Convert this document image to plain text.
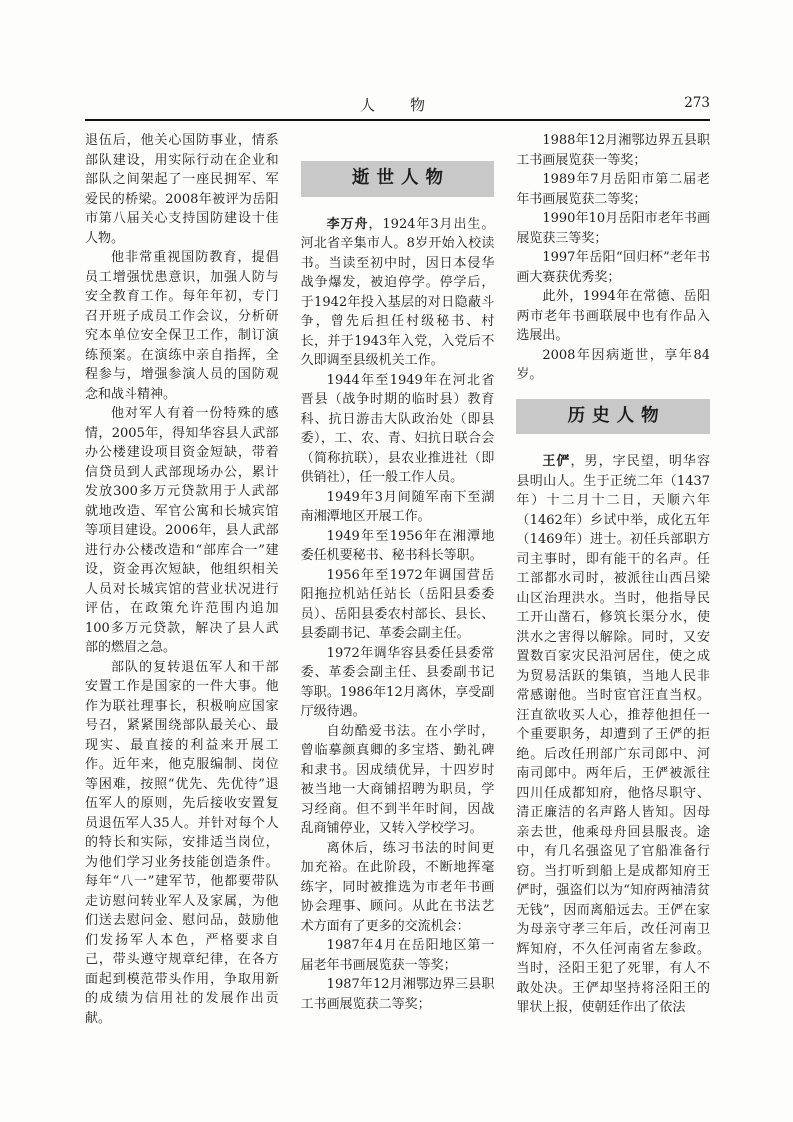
人　物	273

退伍后，他关心国防事业，情系部队建设，用实际行动在企业和部队之间架起了一座民拥军、军爱民的桥梁。2008年被评为岳阳市第八届关心支持国防建设十佳人物。

他非常重视国防教育，提倡员工增强忧患意识，加强人防与安全教育工作。每年年初，专门召开班子成员工作会议，分析研究本单位安全保卫工作，制订演练预案。在演练中亲自指挥，全程参与，增强参演人员的国防观念和战斗精神。

他对军人有着一份特殊的感情，2005年，得知华容县人武部办公楼建设项目资金短缺，带着信贷员到人武部现场办公，累计发放300多万元贷款用于人武部就地改造、军官公寓和长城宾馆等项目建设。2006年，县人武部进行办公楼改造和“部库合一”建设，资金再次短缺，他组织相关人员对长城宾馆的营业状况进行评估，在政策允许范围内追加100多万元贷款，解决了县人武部的燃眉之急。

部队的复转退伍军人和干部安置工作是国家的一件大事。他作为联社理事长，积极响应国家号召，紧紧围绕部队最关心、最现实、最直接的利益来开展工作。近年来，他克服编制、岗位等困难，按照“优先、先优待”退伍军人的原则，先后接收安置复员退伍军人35人。并针对每个人的特长和实际，安排适当岗位，为他们学习业务技能创造条件。每年“八一”建军节，他都要带队走访慰问转业军人及家属，为他们送去慰问金、慰问品，鼓励他们发扬军人本色，严格要求自己，带头遵守规章纪律，在各方面起到模范带头作用，争取用新的成绩为信用社的发展作出贡献。

逝世人物

李万舟，1924年3月出生。河北省辛集市人。8岁开始入校读书。当读至初中时，因日本侵华战争爆发，被迫停学。停学后，于1942年投入基层的对日隐蔽斗争，曾先后担任村级秘书、村长，并于1943年入党，入党后不久即调至县级机关工作。

1944年至1949年在河北省晋县（战争时期的临时县）教育科、抗日游击大队政治处（即县委），工、农、青、妇抗日联合会（简称抗联），县农业推进社（即供销社），任一般工作人员。

1949年3月间随军南下至湖南湘潭地区开展工作。

1949年至1956年在湘潭地委任机要秘书、秘书科长等职。

1956年至1972年调国营岳阳拖拉机站任站长（岳阳县委委员）、岳阳县委农村部长、县长、县委副书记、革委会副主任。

1972年调华容县委任县委常委、革委会副主任、县委副书记等职。1986年12月离休，享受副厅级待遇。

自幼酷爱书法。在小学时，曾临摹颜真卿的多宝塔、勤礼碑和隶书。因成绩优异，十四岁时被当地一大商铺招聘为职员，学习经商。但不到半年时间，因战乱商铺停业，又转入学校学习。

离休后，练习书法的时间更加充裕。在此阶段，不断地挥毫练字，同时被推选为市老年书画协会理事、顾问。从此在书法艺术方面有了更多的交流机会：

1987年4月在岳阳地区第一届老年书画展览获一等奖；

1987年12月湘鄂边界三县职工书画展览获二等奖；

1988年12月湘鄂边界五县职工书画展览获一等奖；

1989年7月岳阳市第二届老年书画展览获二等奖；

1990年10月岳阳市老年书画展览获三等奖；

1997年岳阳“回归杯”老年书画大赛获优秀奖；

此外，1994年在常德、岳阳两市老年书画联展中也有作品入选展出。

2008年因病逝世，享年84岁。

历史人物

王俨，男，字民望，明华容县明山人。生于正统二年（1437年）十二月十二日，天顺六年（1462年）乡试中举，成化五年（1469年）进士。初任兵部职方司主事时，即有能干的名声。任工部都水司时，被派往山西吕梁山区治理洪水。当时，他指导民工开山凿石，修筑长渠分水，使洪水之害得以解除。同时，又安置数百家灾民沿河居住，使之成为贸易活跃的集镇，当地人民非常感谢他。当时宦官汪直当权。汪直欲收买人心，推荐他担任一个重要职务，却遭到了王俨的拒绝。后改任刑部广东司郎中、河南司郎中。两年后，王俨被派往四川任成都知府，他恪尽职守、清正廉洁的名声路人皆知。因母亲去世，他乘母舟回县服丧。途中，有几名强盗见了官船准备行窃。当打听到船上是成都知府王俨时，强盗们以为“知府两袖清贫无钱”，因而离船远去。王俨在家为母亲守孝三年后，改任河南卫辉知府，不久任河南省左参政。当时，泾阳王犯了死罪，有人不敢处决。王俨却坚持将泾阳王的罪状上报，使朝廷作出了依法
